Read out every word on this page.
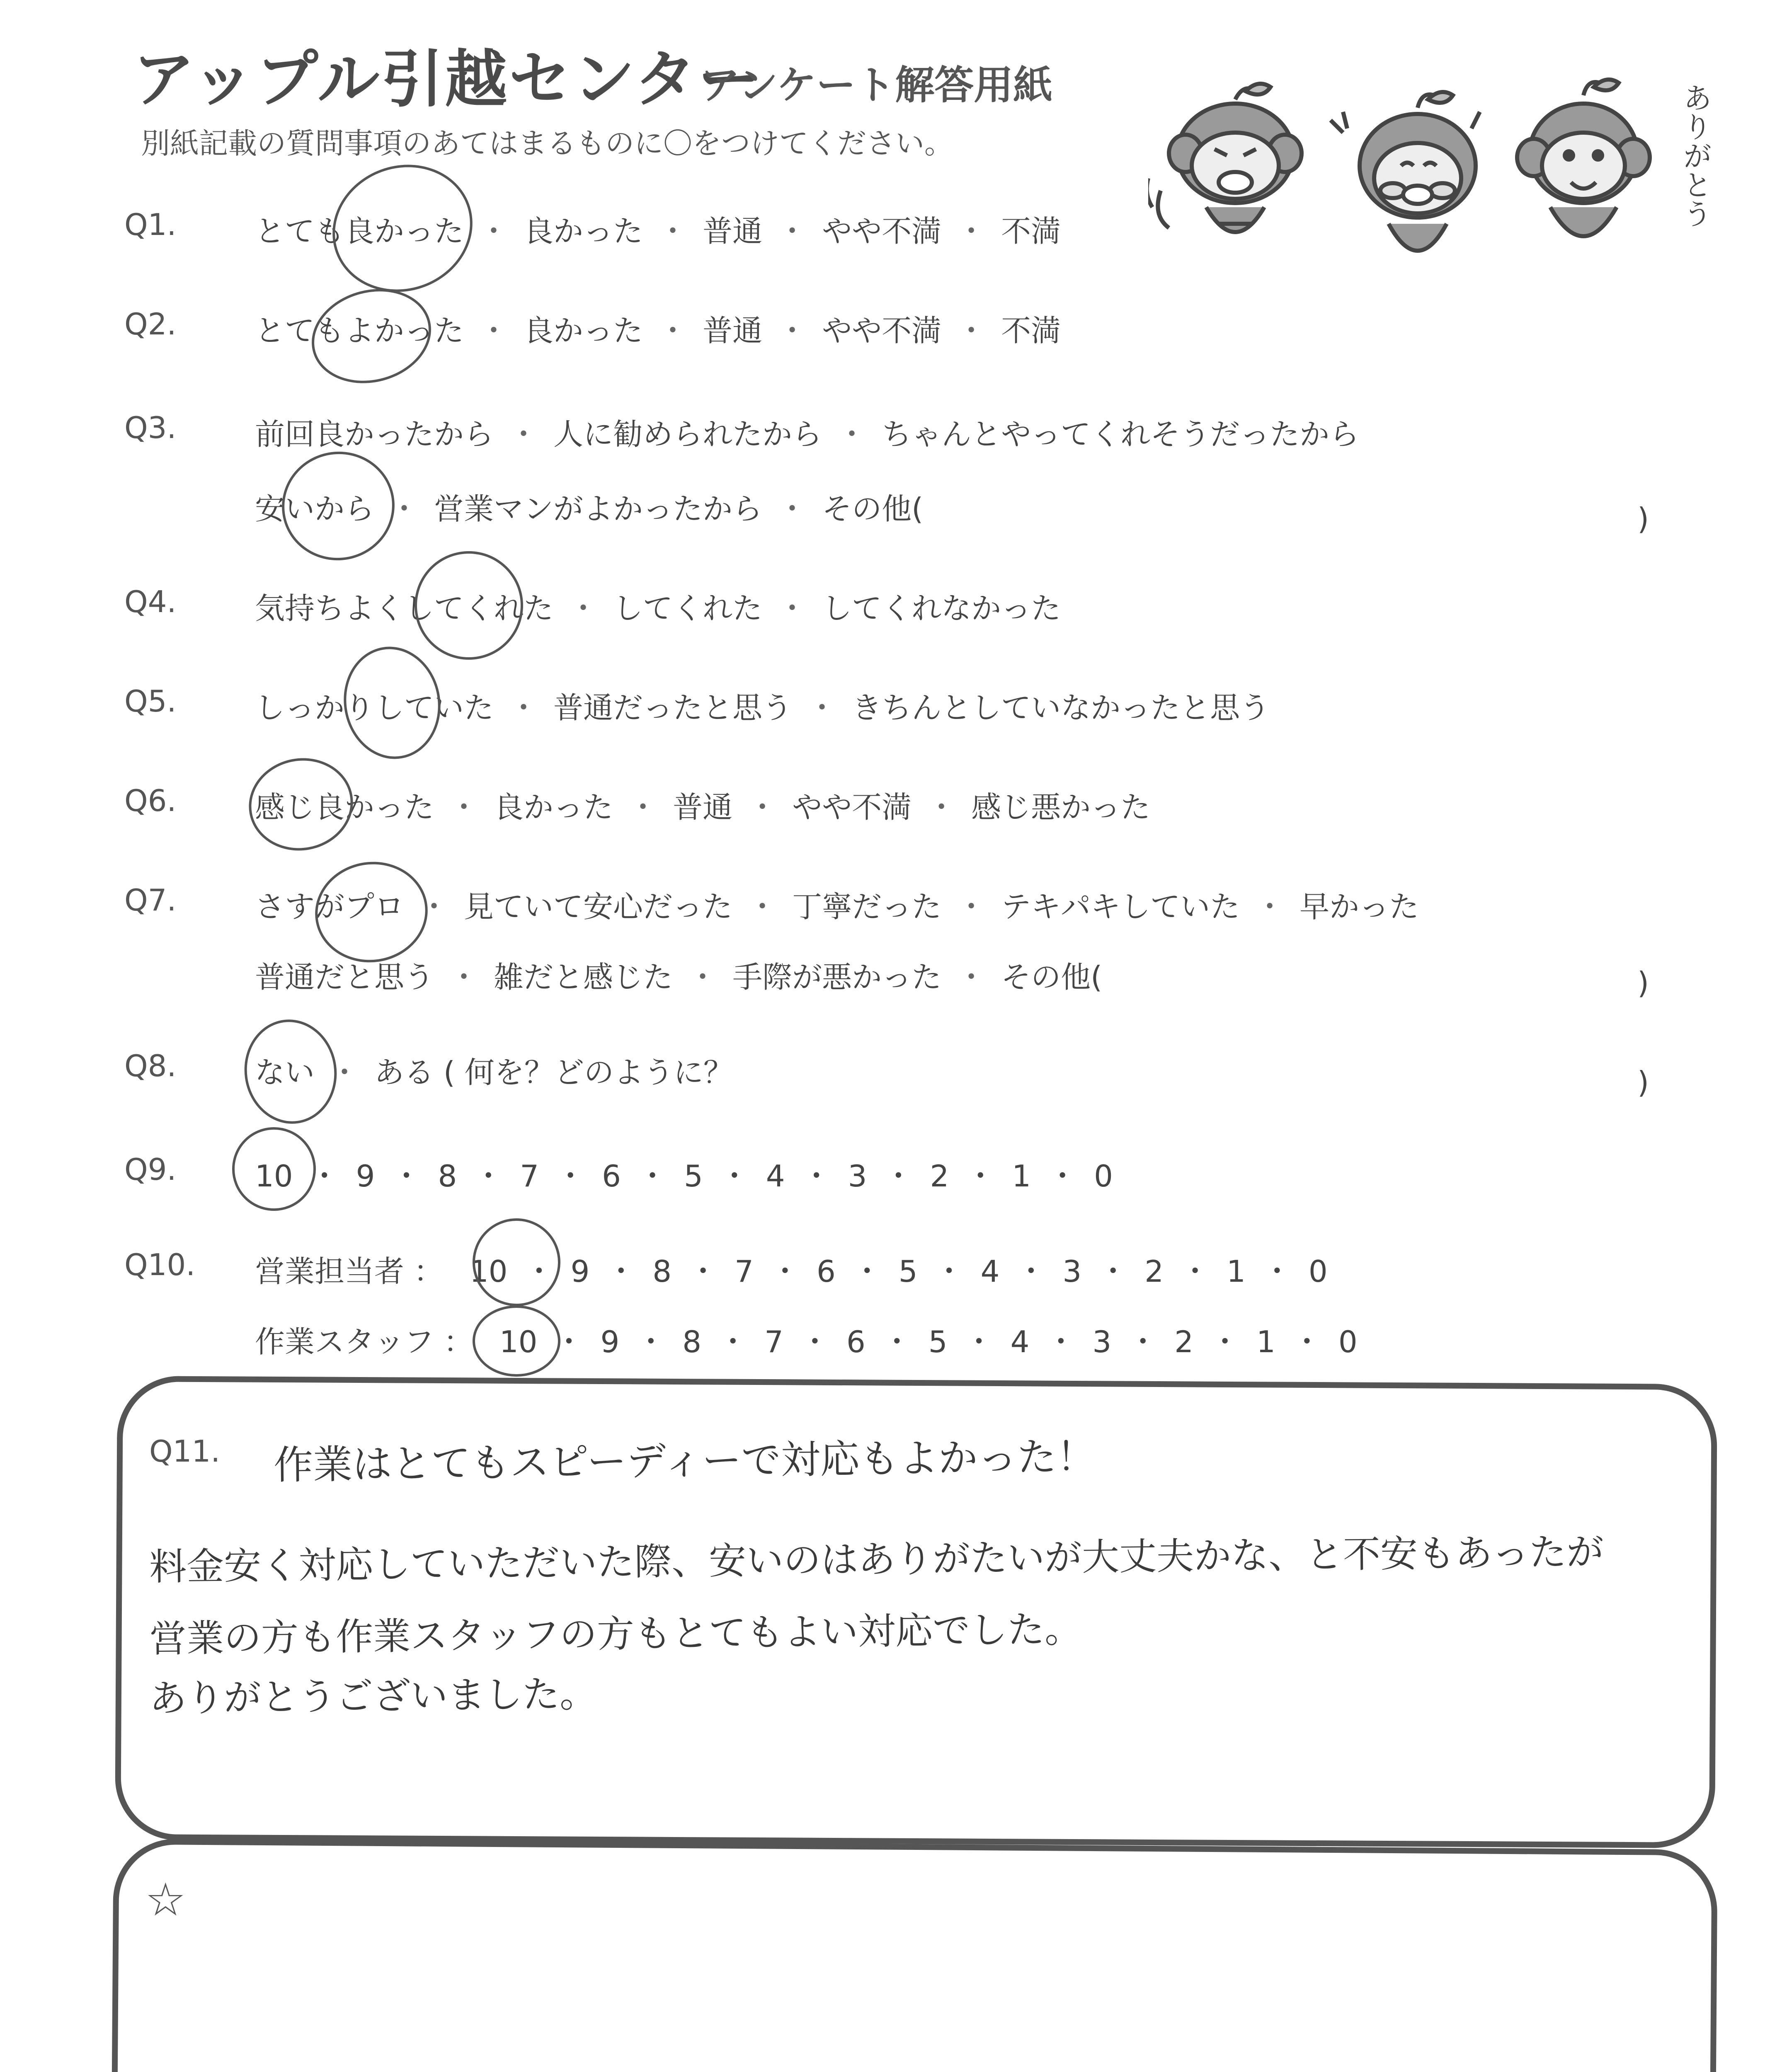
アップル引越センター
アンケート解答用紙
別紙記載の質問事項のあてはまるものに〇をつけてください。	ありがとう
Q1.	とても良かった ・ 良かった ・ 普通 ・ やや不満 ・ 不満
Q2.	とてもよかった ・ 良かった ・ 普通 ・ やや不満 ・ 不満
Q3.	前回良かったから ・ 人に勧められたから ・ ちゃんとやってくれそうだったから
安いから ・ 営業マンがよかったから ・ その他(	)
Q4.	気持ちよくしてくれた ・ してくれた ・ してくれなかった
Q5.	しっかりしていた ・ 普通だったと思う ・ きちんとしていなかったと思う
Q6.	感じ良かった ・ 良かった ・ 普通 ・ やや不満 ・ 感じ悪かった
Q7.	さすがプロ ・ 見ていて安心だった ・ 丁寧だった ・ テキパキしていた ・ 早かった
普通だと思う ・ 雑だと感じた ・ 手際が悪かった ・ その他(	)
Q8.	ない ・ ある ( 何を？どのように？	)
Q9.	10 ・ 9 ・ 8 ・ 7 ・ 6 ・ 5 ・ 4 ・ 3 ・ 2 ・ 1 ・ 0
Q10. 営業担当者 ： 10 ・ 9 ・ 8 ・ 7 ・ 6 ・ 5 ・ 4 ・ 3 ・ 2 ・ 1 ・ 0
作業スタッフ ： 10 ・ 9 ・ 8 ・ 7 ・ 6 ・ 5 ・ 4 ・ 3 ・ 2 ・ 1 ・ 0
Q11. 作業はとてもスピーディーで対応もよかった！
料金安く対応していただいた際、安いのはありがたいが大丈夫かな、と不安もあったが
営業の方も作業スタッフの方もとてもよい対応でした。
ありがとうございました。
☆
